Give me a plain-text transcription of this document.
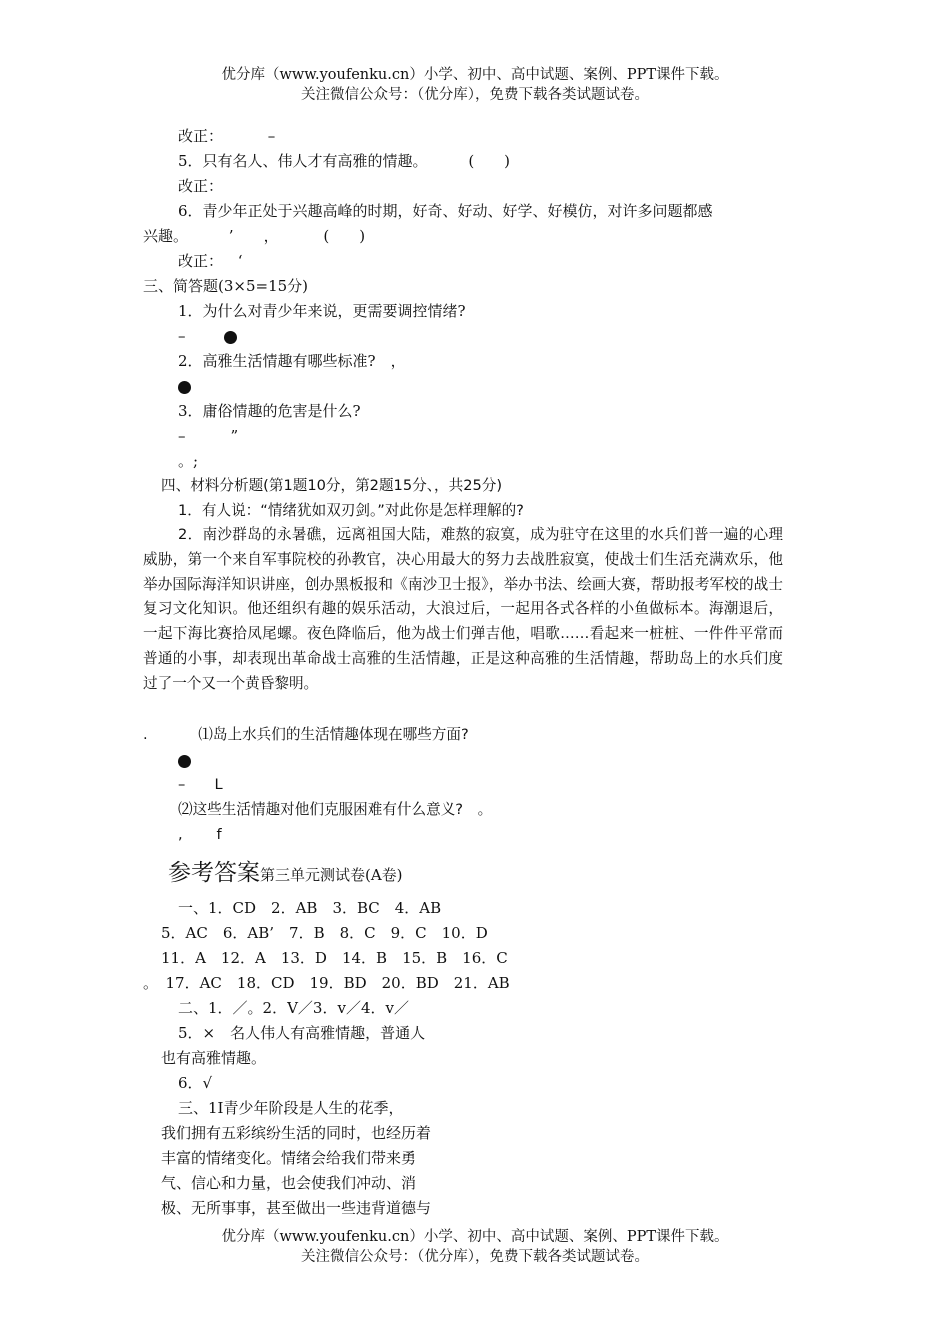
优分库（www.youfenku.cn）小学、初中、高中试题、案例、PPT课件下载。
关注微信公众号：（优分库），免费下载各类试题试卷。
改正：	–
5．只有名人、伟人才有高雅的情趣。	(　　)
改正：
6．青少年正处于兴趣高峰的时期，好奇、好动、好学、好模仿，对许多问题都感
兴趣。	’　　，	(　　)
改正： ‘
三、简答题(3×5=15分)
1．为什么对青少年来说，更需要调控情绪?
–
2．高雅生活情趣有哪些标准?　，
3．庸俗情趣的危害是什么?
–　　　”
。;
四、材料分析题(第1题10分，第2题15分、，共25分)
1．有人说：“情绪犹如双刃剑。”对此你是怎样理解的?
2．南沙群岛的永暑礁，远离祖国大陆，难熬的寂寞，成为驻守在这里的水兵们普一遍的心理威胁，第一个来自军事院校的孙教官，决心用最大的努力去战胜寂寞，使战士们生活充满欢乐，他举办国际海洋知识讲座，创办黑板报和《南沙卫士报》，举办书法、绘画大赛，帮助报考军校的战士复习文化知识。他还组织有趣的娱乐活动，大浪过后，一起用各式各样的小鱼做标本。海潮退后，一起下海比赛拾凤尾螺。夜色降临后，他为战士们弹吉他，唱歌……看起来一桩桩、一件件平常而普通的小事，却表现出革命战士高雅的生活情趣，正是这种高雅的生活情趣，帮助岛上的水兵们度过了一个又一个黄昏黎明。
.	⑴岛上水兵们的生活情趣体现在哪些方面?
–　　L
⑵这些生活情趣对他们克服困难有什么意义?　。
,　　 f
参考答案第三单元测试卷(A卷)
一、1．CD　2．AB　3．BC　4．AB
5．AC　6．AB’　7．B　8．C　9．C　10．D
11．A　12．A　13．D　14．B　15．B　16．C
。　17．AC　18．CD　19．BD　20．BD　21．AB
二、1．／。2．V／3．v／4．v／
5．×　名人伟人有高雅情趣，普通人
也有高雅情趣。
6．√
三、1I青少年阶段是人生的花季，
我们拥有五彩缤纷生活的同时，也经历着
丰富的情绪变化。情绪会给我们带来勇
气、信心和力量，也会使我们冲动、消
极、无所事事，甚至做出一些违背道德与
优分库（www.youfenku.cn）小学、初中、高中试题、案例、PPT课件下载。
关注微信公众号：（优分库），免费下载各类试题试卷。
